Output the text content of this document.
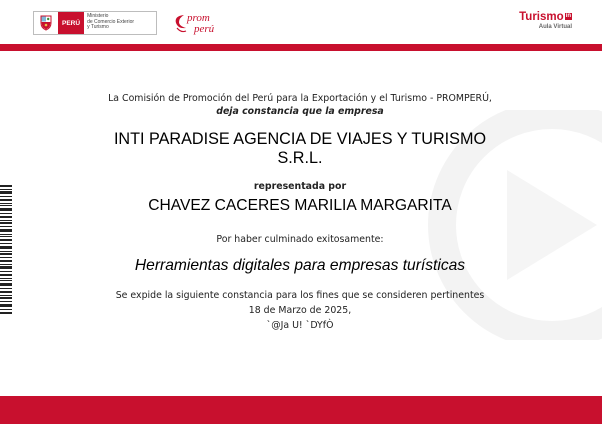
PERÚ
Ministerio
de Comercio Exterior
y Turismo
prom
perú
Turismo in
Aula Virtual
La Comisión de Promoción del Perú para la Exportación y el Turismo - PROMPERÚ,
deja constancia que la empresa
INTI PARADISE AGENCIA DE VIAJES Y TURISMO
S.R.L.
representada por
CHAVEZ CACERES MARILIA MARGARITA
Por haber culminado exitosamente:
Herramientas digitales para empresas turísticas
Se expide la siguiente constancia para los fines que se consideren pertinentes
18 de Marzo de 2025,
`@Ja U! `DYfÒ
